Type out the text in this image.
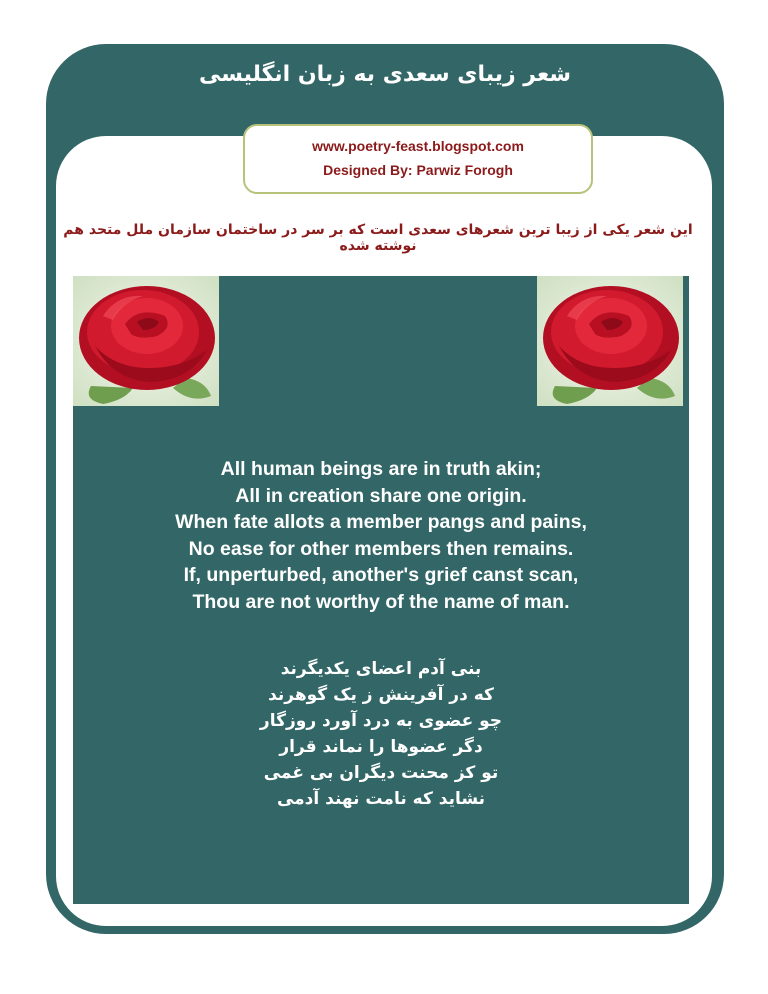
شعر زیبای سعدی به زبان انگلیسی
www.poetry-feast.blogspot.com
Designed By: Parwiz Forogh
این شعر یکی از زیبا ترین شعرهای سعدی است که بر سر در ساختمان سازمان ملل متحد هم نوشته شده
All human beings are in truth akin;
All in creation share one origin.
When fate allots a member pangs and pains,
No ease for other members then remains.
If, unperturbed, another's grief canst scan,
Thou are not worthy of the name of man.
بنی آدم اعضای یکدیگرند
که در آفرینش ز یک گوهرند
چو عضوی به درد آورد روزگار
دگر عضوها را نماند قرار
تو کز محنت دیگران بی غمی
نشاید که نامت نهند آدمی
